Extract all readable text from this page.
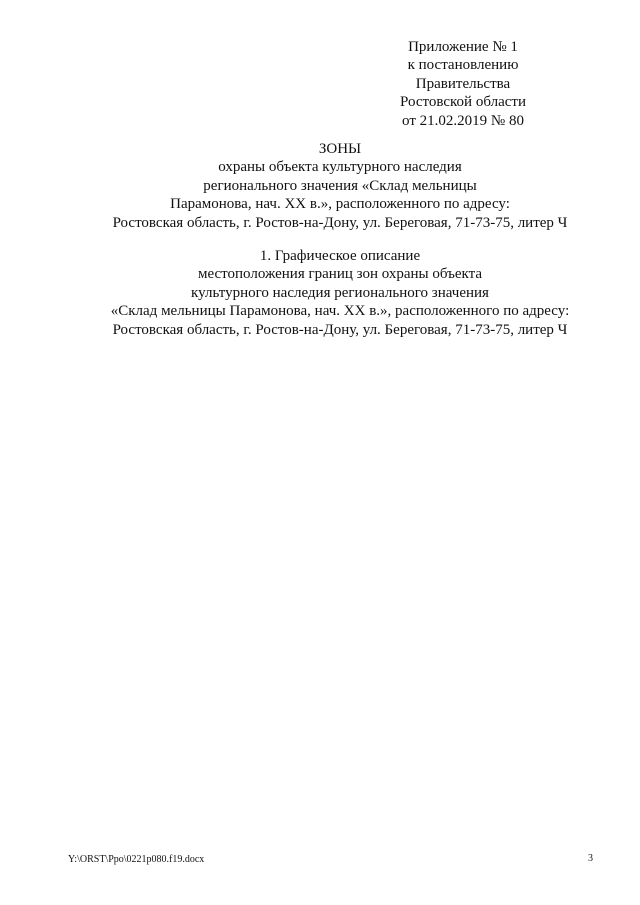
Приложение № 1
к постановлению
Правительства
Ростовской области
от 21.02.2019 № 80
ЗОНЫ
охраны объекта культурного наследия
регионального значения «Склад мельницы
Парамонова, нач. XX в.», расположенного по адресу:
Ростовская область, г. Ростов-на-Дону, ул. Береговая, 71-73-75, литер Ч
1. Графическое описание
местоположения границ зон охраны объекта
культурного наследия регионального значения
«Склад мельницы Парамонова, нач. XX в.», расположенного по адресу:
Ростовская область, г. Ростов-на-Дону, ул. Береговая, 71-73-75, литер Ч
Y:\ORST\Ppo\0221p080.f19.docx	3
